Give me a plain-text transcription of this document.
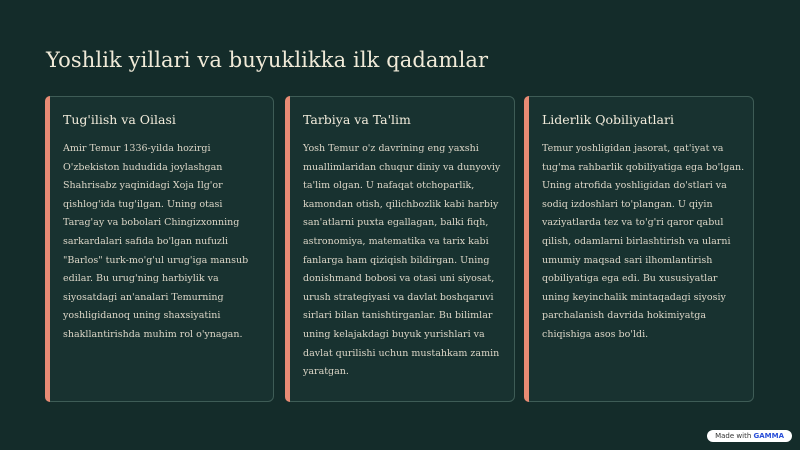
Yoshlik yillari va buyuklikka ilk qadamlar
Tug'ilish va Oilasi

Amir Temur 1336-yilda hozirgi O'zbekiston hududida joylashgan Shahrisabz yaqinidagi Xoja Ilg'or qishlog'ida tug'ilgan. Uning otasi Tarag'ay va bobolari Chingizxonning sarkardalari safida bo'lgan nufuzli "Barlos" turk-mo'g'ul urug'iga mansub edilar. Bu urug'ning harbiylik va siyosatdagi an'analari Temurning yoshligidanoq uning shaxsiyatini shakllantirishda muhim rol o'ynagan.

Tarbiya va Ta'lim

Yosh Temur o'z davrining eng yaxshi muallimlaridan chuqur diniy va dunyoviy ta'lim olgan. U nafaqat otchoparlik, kamondan otish, qilichbozlik kabi harbiy san'atlarni puxta egallagan, balki fiqh, astronomiya, matematika va tarix kabi fanlarga ham qiziqish bildirgan. Uning donishmand bobosi va otasi uni siyosat, urush strategiyasi va davlat boshqaruvi sirlari bilan tanishtirganlar. Bu bilimlar uning kelajakdagi buyuk yurishlari va davlat qurilishi uchun mustahkam zamin yaratgan.

Liderlik Qobiliyatlari

Temur yoshligidan jasorat, qat'iyat va tug'ma rahbarlik qobiliyatiga ega bo'lgan. Uning atrofida yoshligidan do'stlari va sodiq izdoshlari to'plangan. U qiyin vaziyatlarda tez va to'g'ri qaror qabul qilish, odamlarni birlashtirish va ularni umumiy maqsad sari ilhomlantirish qobiliyatiga ega edi. Bu xususiyatlar uning keyinchalik mintaqadagi siyosiy parchalanish davrida hokimiyatga chiqishiga asos bo'ldi.

Made with GAMMA
